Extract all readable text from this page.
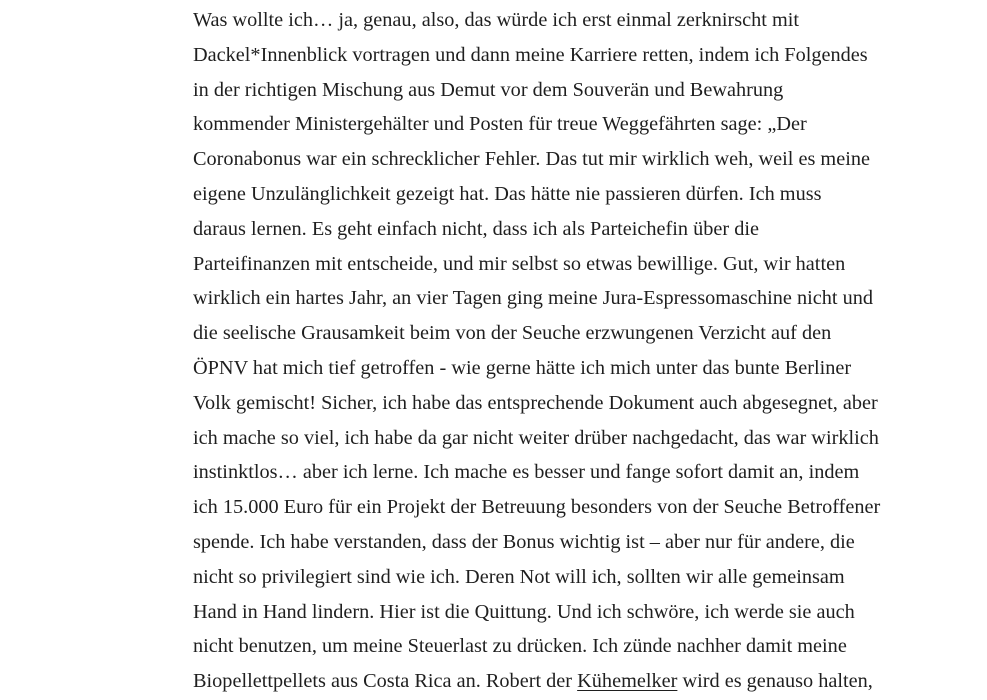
Was wollte ich… ja, genau, also, das würde ich erst einmal zerknirscht mit
Dackel*Innenblick vortragen und dann meine Karriere retten, indem ich Folgendes
in der richtigen Mischung aus Demut vor dem Souverän und Bewahrung
kommender Ministergehälter und Posten für treue Weggefährten sage: „Der
Coronabonus war ein schrecklicher Fehler. Das tut mir wirklich weh, weil es meine
eigene Unzulänglichkeit gezeigt hat. Das hätte nie passieren dürfen. Ich muss
daraus lernen. Es geht einfach nicht, dass ich als Parteichefin über die
Parteifinanzen mit entscheide, und mir selbst so etwas bewillige. Gut, wir hatten
wirklich ein hartes Jahr, an vier Tagen ging meine Jura-Espressomaschine nicht und
die seelische Grausamkeit beim von der Seuche erzwungenen Verzicht auf den
ÖPNV hat mich tief getroffen - wie gerne hätte ich mich unter das bunte Berliner
Volk gemischt! Sicher, ich habe das entsprechende Dokument auch abgesegnet, aber
ich mache so viel, ich habe da gar nicht weiter drüber nachgedacht, das war wirklich
instinktlos… aber ich lerne. Ich mache es besser und fange sofort damit an, indem
ich 15.000 Euro für ein Projekt der Betreuung besonders von der Seuche Betroffener
spende. Ich habe verstanden, dass der Bonus wichtig ist – aber nur für andere, die
nicht so privilegiert sind wie ich. Deren Not will ich, sollten wir alle gemeinsam
Hand in Hand lindern. Hier ist die Quittung. Und ich schwöre, ich werde sie auch
nicht benutzen, um meine Steuerlast zu drücken. Ich zünde nachher damit meine
Biopellettpellets aus Costa Rica an. Robert der Kühemelker wird es genauso halten,
